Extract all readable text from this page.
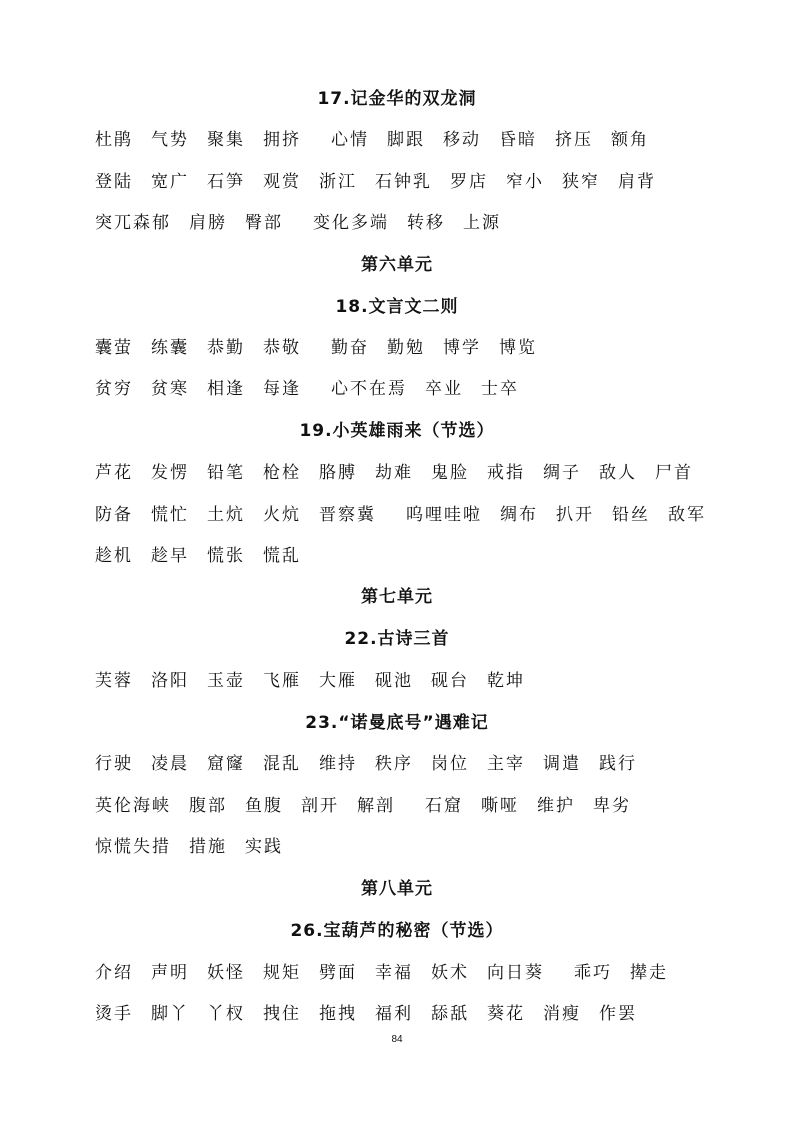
17.记金华的双龙洞
第六单元
18.文言文二则
19.小英雄雨来（节选）
第七单元
22.古诗三首
23.“诺曼底号”遇难记
第八单元
26.宝葫芦的秘密（节选）
杜鹃 气势 聚集 拥挤 心情 脚跟 移动 昏暗 挤压 额角
登陆 宽广 石笋 观赏 浙江 石钟乳 罗店 窄小 狭窄 肩背
突兀森郁 肩膀 臀部 变化多端 转移 上源
囊萤 练囊 恭勤 恭敬 勤奋 勤勉 博学 博览
贫穷 贫寒 相逢 每逢 心不在焉 卒业 士卒
芦花 发愣 铅笔 枪栓 胳膊 劫难 鬼脸 戒指 绸子 敌人 尸首
防备 慌忙 土炕 火炕 晋察冀 呜哩哇啦 绸布 扒开 铅丝 敌军
趁机 趁早 慌张 慌乱
芙蓉 洛阳 玉壶 飞雁 大雁 砚池 砚台 乾坤
行驶 凌晨 窟窿 混乱 维持 秩序 岗位 主宰 调遣 践行
英伦海峡 腹部 鱼腹 剖开 解剖 石窟 嘶哑 维护 卑劣
惊慌失措 措施 实践
介绍 声明 妖怪 规矩 劈面 幸福 妖术 向日葵 乖巧 撵走
烫手 脚丫 丫杈 拽住 拖拽 福利 舔舐 葵花 消瘦 作罢
84
